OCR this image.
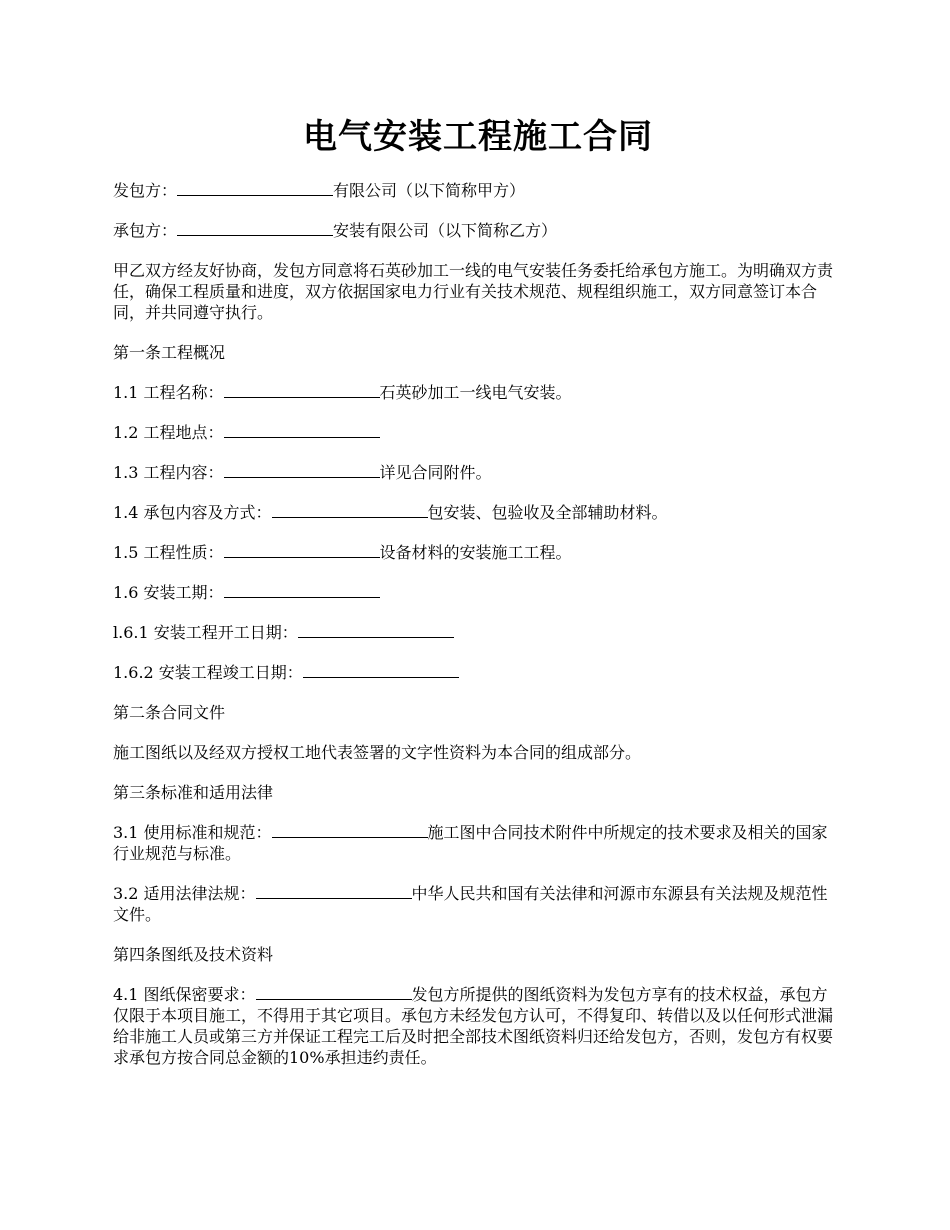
电气安装工程施工合同

发包方：	有限公司（以下简称甲方）

承包方：	安装有限公司（以下简称乙方）

甲乙双方经友好协商，发包方同意将石英砂加工一线的电气安装任务委托给承包方施工。为明确双方责任，确保工程质量和进度，双方依据国家电力行业有关技术规范、规程组织施工，双方同意签订本合同，并共同遵守执行。

第一条工程概况

1.1 工程名称：	石英砂加工一线电气安装。

1.2 工程地点：

1.3 工程内容：	详见合同附件。

1.4 承包内容及方式：	包安装、包验收及全部辅助材料。

1.5 工程性质：	设备材料的安装施工工程。

1.6 安装工期：

l.6.1 安装工程开工日期：

1.6.2 安装工程竣工日期：

第二条合同文件

施工图纸以及经双方授权工地代表签署的文字性资料为本合同的组成部分。

第三条标准和适用法律

3.1 使用标准和规范：	施工图中合同技术附件中所规定的技术要求及相关的国家行业规范与标准。

3.2 适用法律法规：	中华人民共和国有关法律和河源市东源县有关法规及规范性文件。

第四条图纸及技术资料

4.1 图纸保密要求：	发包方所提供的图纸资料为发包方享有的技术权益，承包方仅限于本项目施工，不得用于其它项目。承包方未经发包方认可，不得复印、转借以及以任何形式泄漏给非施工人员或第三方并保证工程完工后及时把全部技术图纸资料归还给发包方，否则，发包方有权要求承包方按合同总金额的10%承担违约责任。
